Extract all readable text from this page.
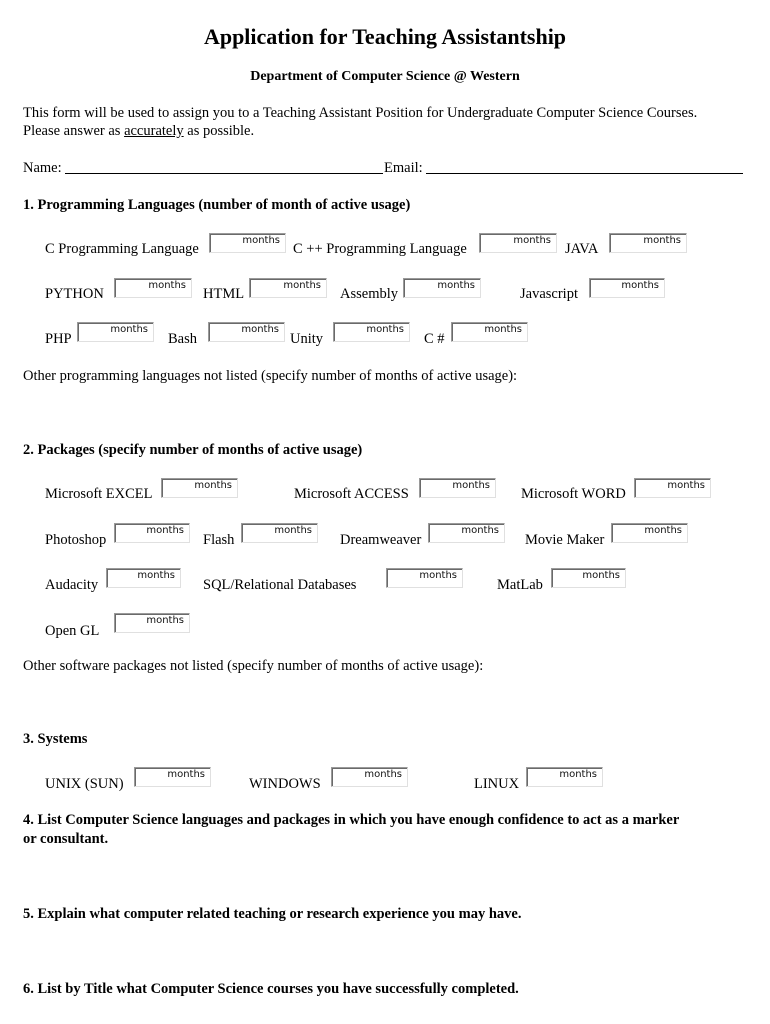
Application for Teaching Assistantship
Department of Computer Science @ Western
This form will be used to assign you to a Teaching Assistant Position for Undergraduate Computer Science Courses.
Please answer as accurately as possible.
Name:	Email:
1. Programming Languages (number of month of active usage)
C Programming Language
months
C ++ Programming Language
months
JAVA
months
PYTHON
months
HTML
months
Assembly
months
Javascript
months
PHP
months
Bash
months
Unity
months
C #
months
Other programming languages not listed (specify number of months of active usage):
2. Packages (specify number of months of active usage)
Microsoft EXCEL
months
Microsoft ACCESS
months
Microsoft WORD
months
Photoshop
months
Flash
months
Dreamweaver
months
Movie Maker
months
Audacity
months
SQL/Relational Databases
months
MatLab
months
Open GL
months
Other software packages not listed (specify number of months of active usage):
3. Systems
UNIX (SUN)
months
WINDOWS
months
LINUX
months
4. List Computer Science languages and packages in which you have enough confidence to act as a marker
or consultant.
5. Explain what computer related teaching or research experience you may have.
6. List by Title what Computer Science courses you have successfully completed.
